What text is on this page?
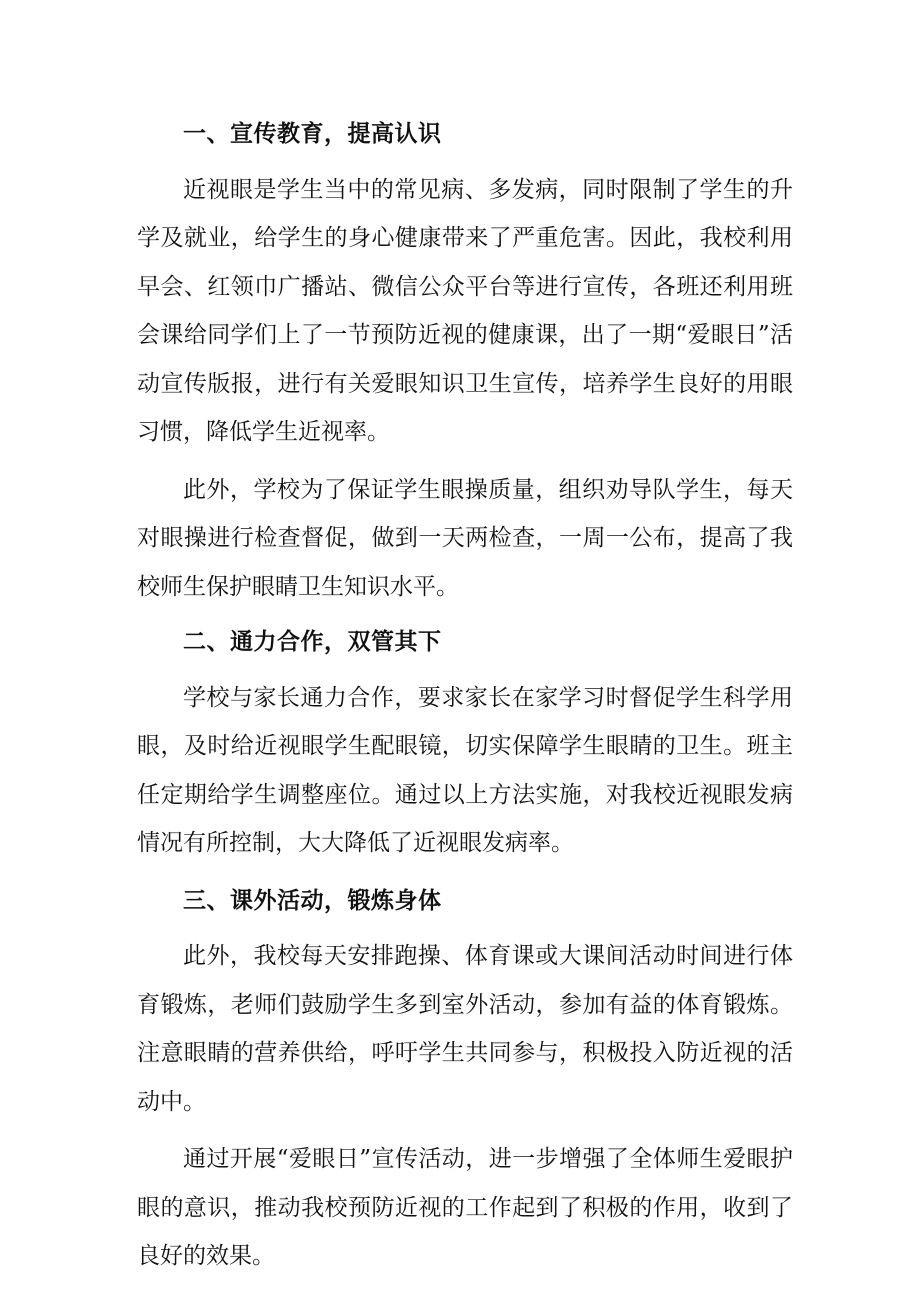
一、宣传教育，提高认识

近视眼是学生当中的常见病、多发病，同时限制了学生的升学及就业，给学生的身心健康带来了严重危害。因此，我校利用早会、红领巾广播站、微信公众平台等进行宣传，各班还利用班会课给同学们上了一节预防近视的健康课，出了一期“爱眼日”活动宣传版报，进行有关爱眼知识卫生宣传，培养学生良好的用眼习惯，降低学生近视率。

此外，学校为了保证学生眼操质量，组织劝导队学生，每天对眼操进行检查督促，做到一天两检查，一周一公布，提高了我校师生保护眼睛卫生知识水平。

二、通力合作，双管其下

学校与家长通力合作，要求家长在家学习时督促学生科学用眼，及时给近视眼学生配眼镜，切实保障学生眼睛的卫生。班主任定期给学生调整座位。通过以上方法实施，对我校近视眼发病情况有所控制，大大降低了近视眼发病率。

三、课外活动，锻炼身体

此外，我校每天安排跑操、体育课或大课间活动时间进行体育锻炼，老师们鼓励学生多到室外活动，参加有益的体育锻炼。注意眼睛的营养供给，呼吁学生共同参与，积极投入防近视的活动中。

通过开展“爱眼日”宣传活动，进一步增强了全体师生爱眼护眼的意识，推动我校预防近视的工作起到了积极的作用，收到了良好的效果。
